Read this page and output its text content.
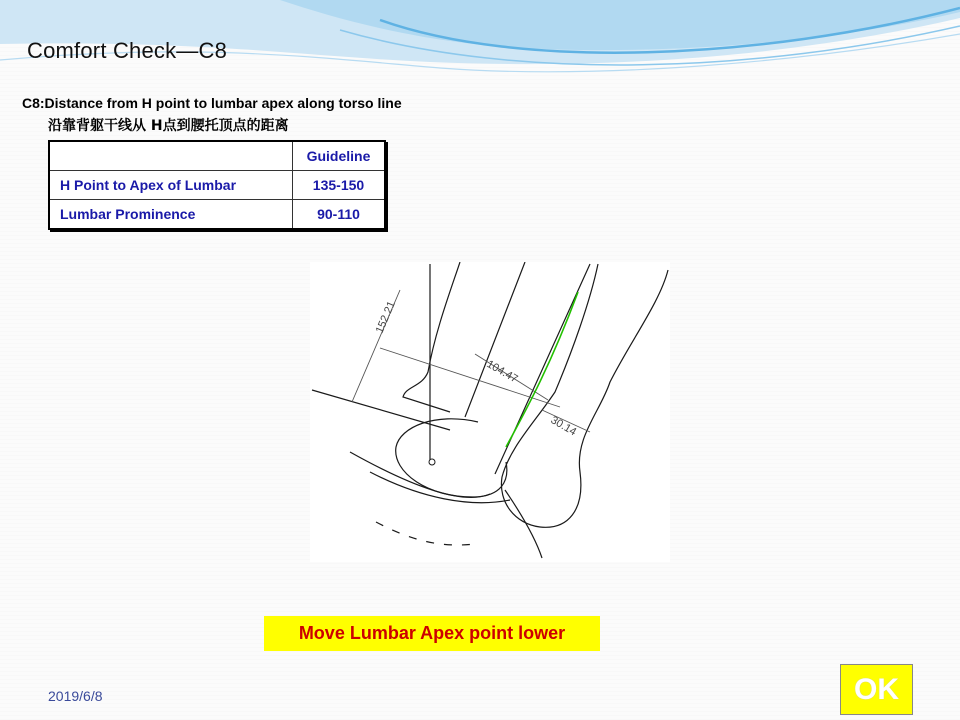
Comfort Check—C8
C8:Distance from H point to lumbar apex along torso line
沿靠背躯干线从 H点到腰托顶点的距离
	Guideline
H Point to Apex of Lumbar	135-150
Lumbar Prominence	90-110
152.21
104.47
30.14
Move Lumbar Apex point lower
2019/6/8	OK
